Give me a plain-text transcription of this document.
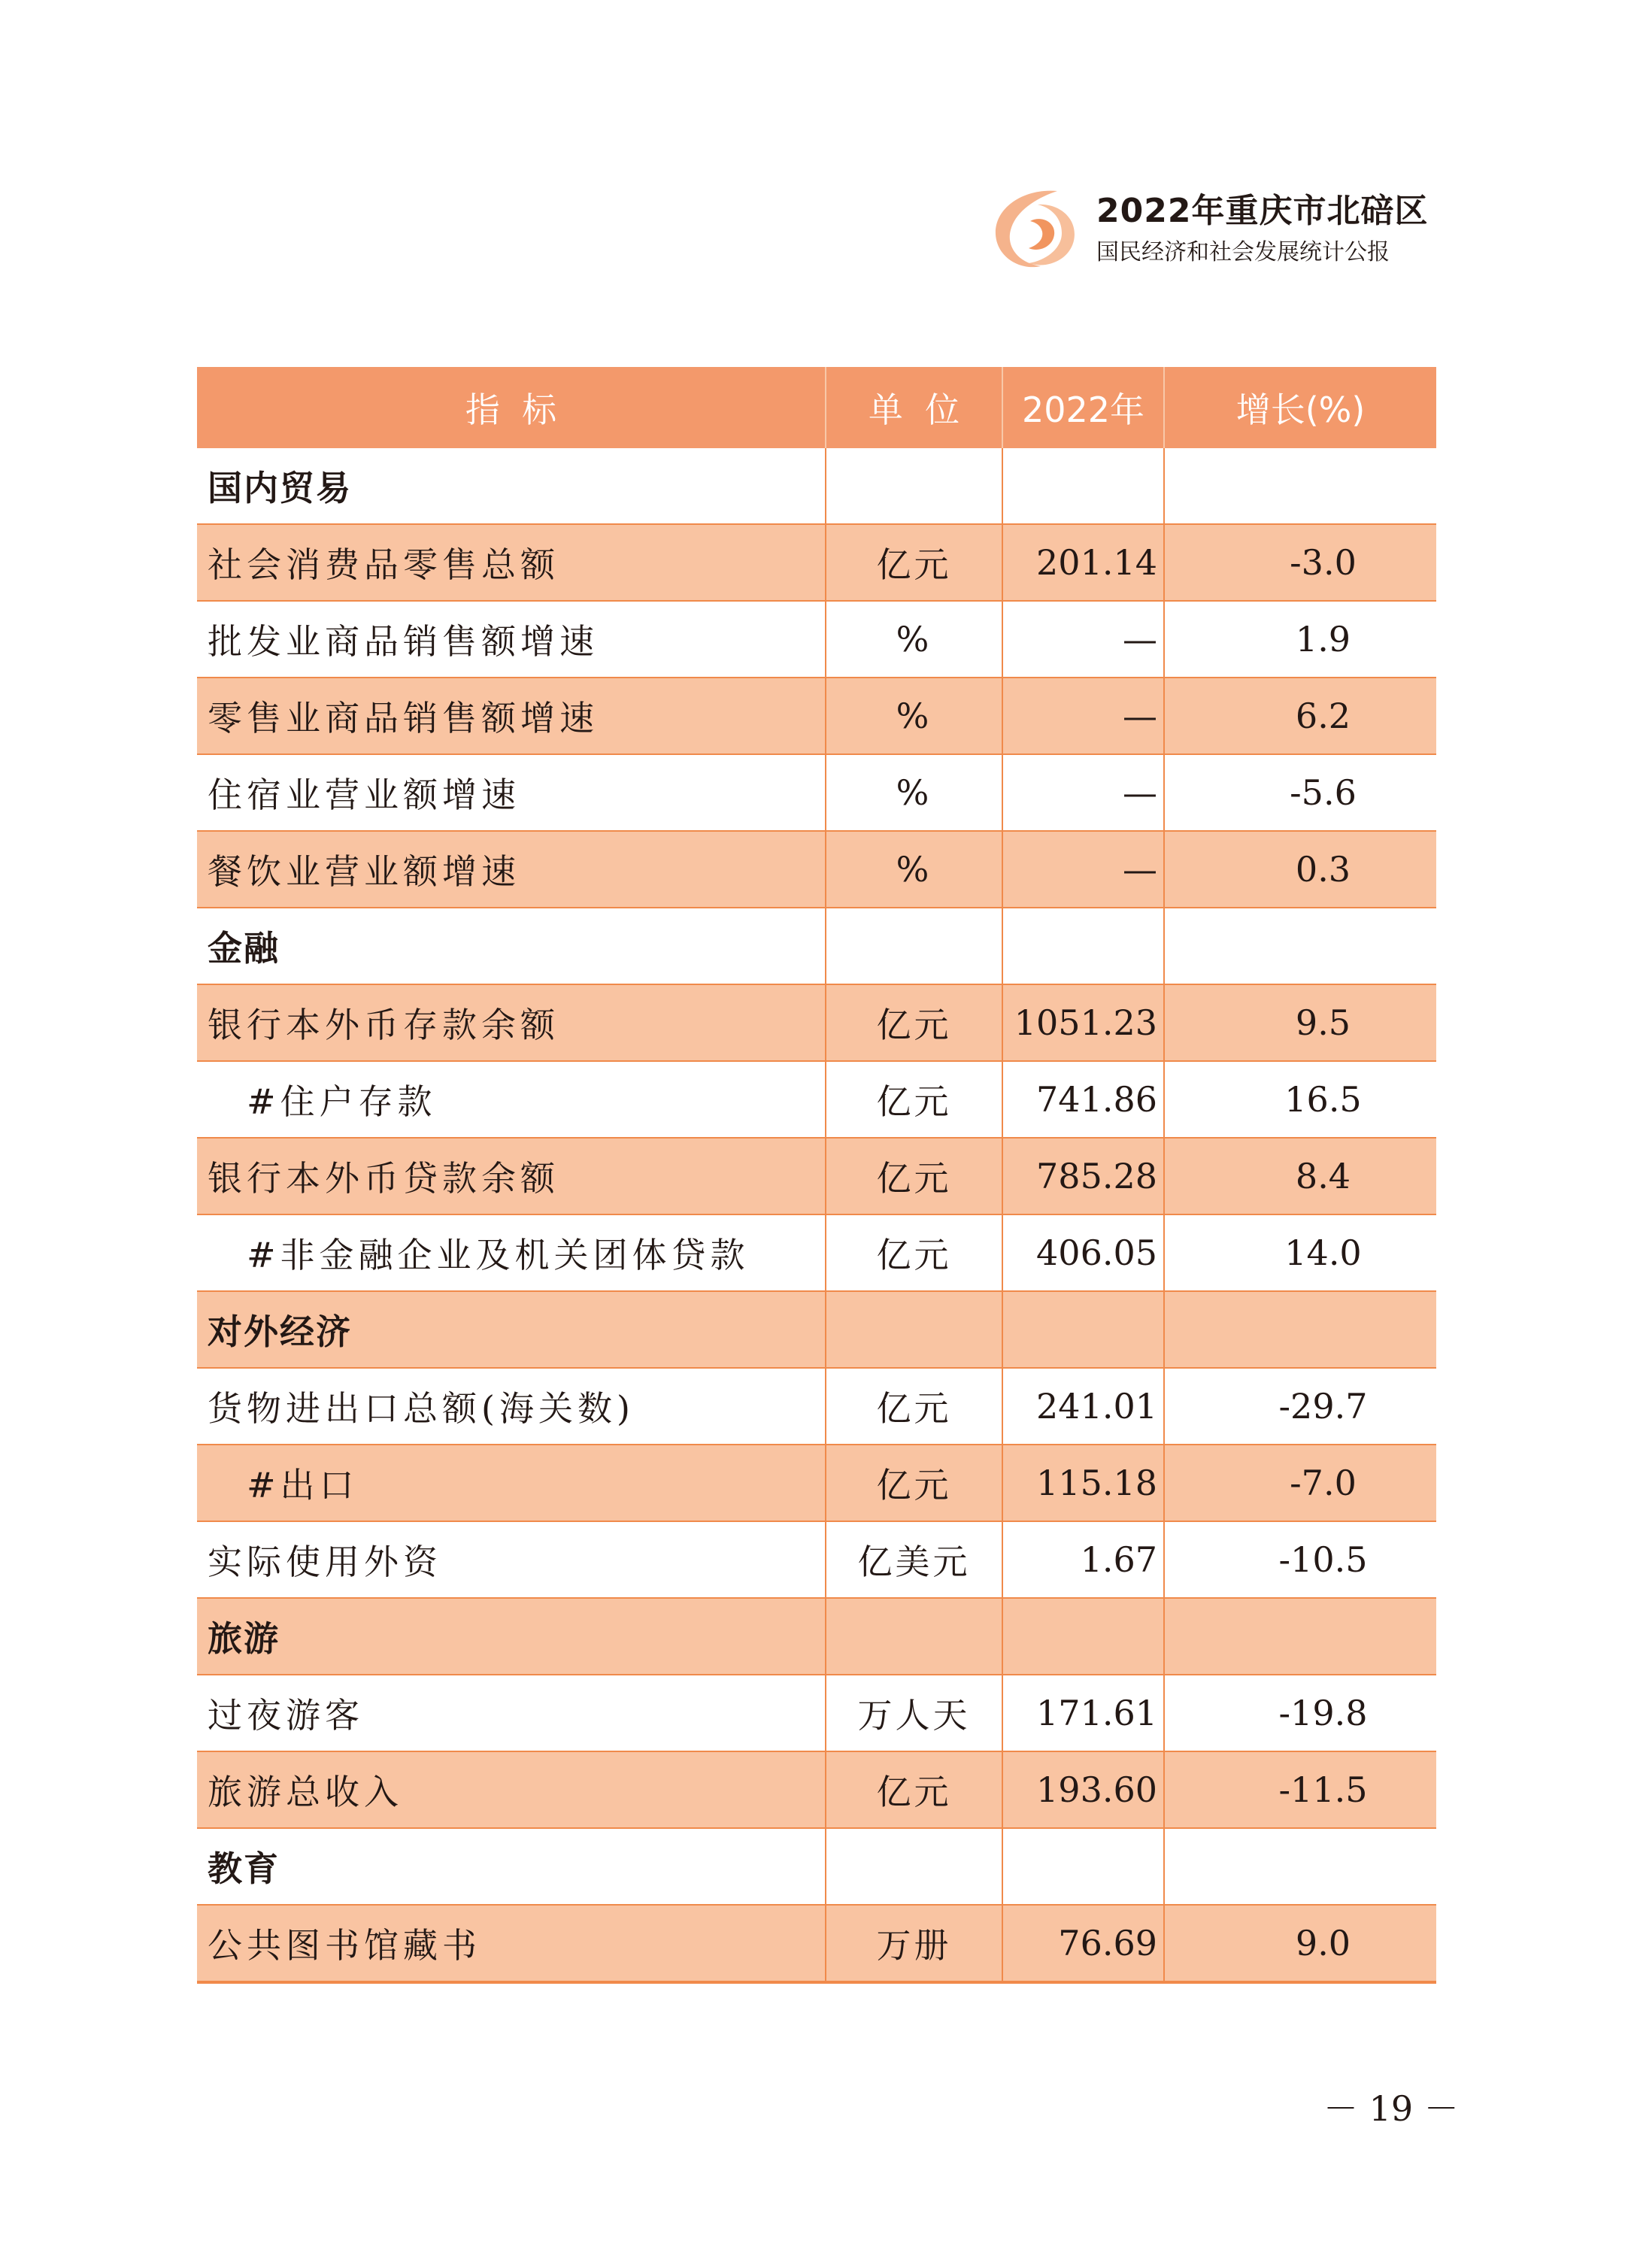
2022年重庆市北碚区
国民经济和社会发展统计公报
指  标	单  位	2022年	增长(%)
国内贸易			
社会消费品零售总额	亿元	201.14	-3.0
批发业商品销售额增速	%	—	1.9
零售业商品销售额增速	%	—	6.2
住宿业营业额增速	%	—	-5.6
餐饮业营业额增速	%	—	0.3
金融			
银行本外币存款余额	亿元	1051.23	9.5
#住户存款	亿元	741.86	16.5
银行本外币贷款余额	亿元	785.28	8.4
#非金融企业及机关团体贷款	亿元	406.05	14.0
对外经济			
货物进出口总额(海关数)	亿元	241.01	-29.7
#出口	亿元	115.18	-7.0
实际使用外资	亿美元	1.67	-10.5
旅游			
过夜游客	万人天	171.61	-19.8
旅游总收入	亿元	193.60	-11.5
教育			
公共图书馆藏书	万册	76.69	9.0
－ 19 －
